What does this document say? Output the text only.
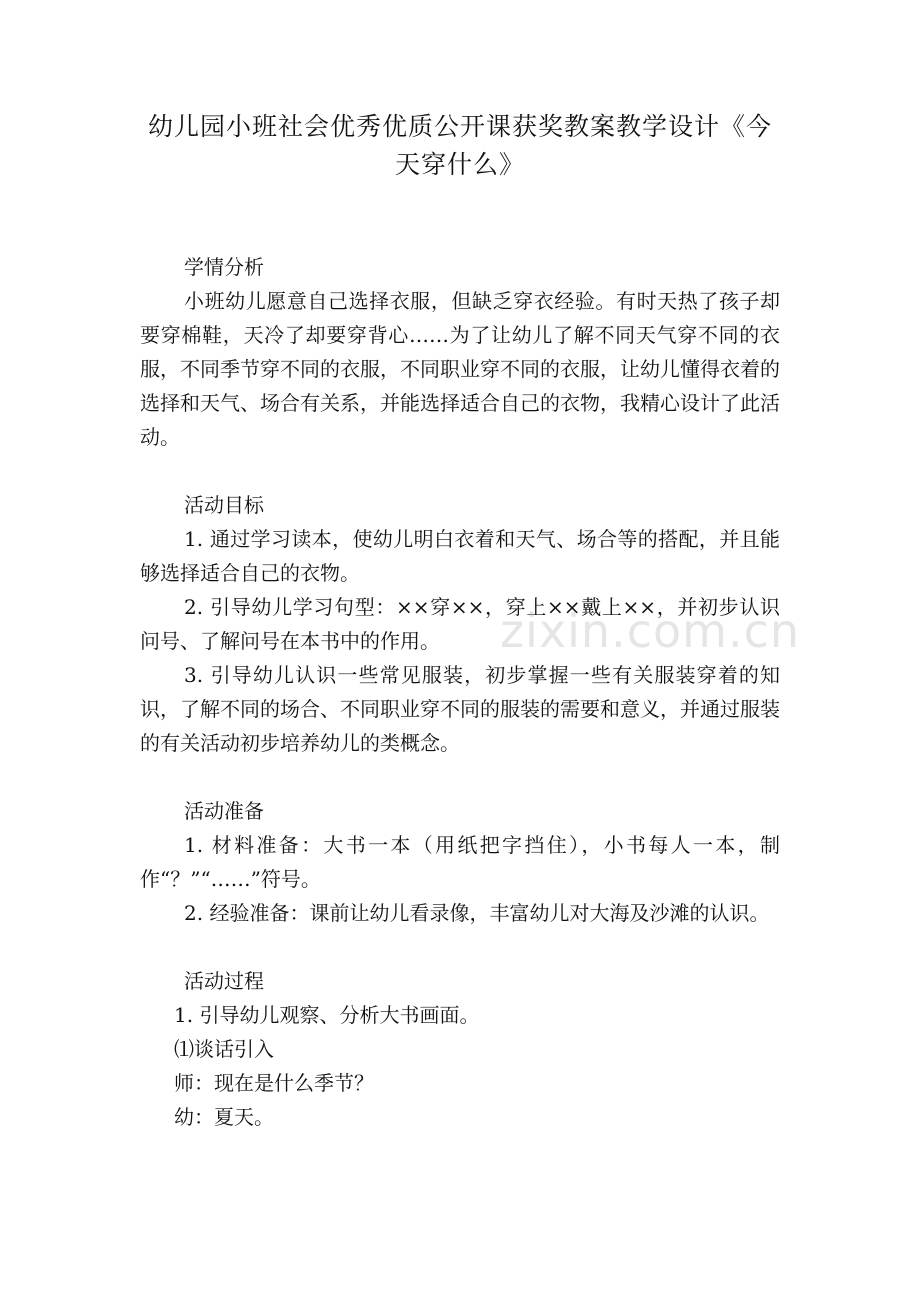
幼儿园小班社会优秀优质公开课获奖教案教学设计《今
天穿什么》
学情分析
小班幼儿愿意自己选择衣服，但缺乏穿衣经验。有时天热了孩子却要穿棉鞋，天冷了却要穿背心……为了让幼儿了解不同天气穿不同的衣服，不同季节穿不同的衣服，不同职业穿不同的衣服，让幼儿懂得衣着的选择和天气、场合有关系，并能选择适合自己的衣物，我精心设计了此活动。
活动目标
1. 通过学习读本，使幼儿明白衣着和天气、场合等的搭配，并且能够选择适合自己的衣物。
2. 引导幼儿学习句型：××穿××，穿上××戴上××，并初步认识问号、了解问号在本书中的作用。
3. 引导幼儿认识一些常见服装，初步掌握一些有关服装穿着的知识，了解不同的场合、不同职业穿不同的服装的需要和意义，并通过服装的有关活动初步培养幼儿的类概念。
活动准备
1. 材料准备：大书一本（用纸把字挡住），小书每人一本，制作“？”“……”符号。
2. 经验准备：课前让幼儿看录像，丰富幼儿对大海及沙滩的认识。
活动过程
1. 引导幼儿观察、分析大书画面。
⑴谈话引入
师：现在是什么季节？
幼：夏天。
zixin.com.cn
